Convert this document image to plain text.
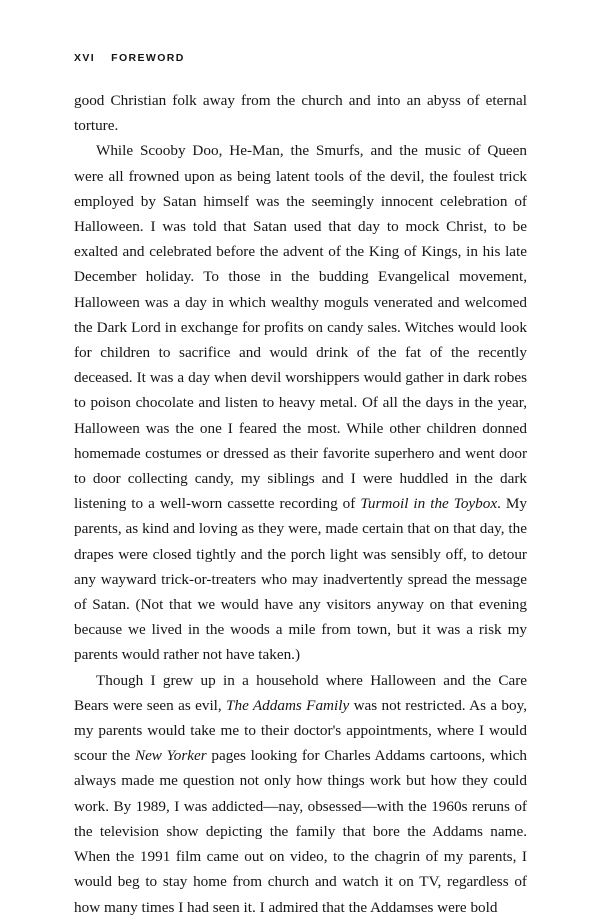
XVI FOREWORD

good Christian folk away from the church and into an abyss of eternal torture.

While Scooby Doo, He-Man, the Smurfs, and the music of Queen were all frowned upon as being latent tools of the devil, the foulest trick employed by Satan himself was the seemingly innocent celebration of Halloween. I was told that Satan used that day to mock Christ, to be exalted and celebrated before the advent of the King of Kings, in his late December holiday. To those in the budding Evangelical movement, Halloween was a day in which wealthy moguls venerated and welcomed the Dark Lord in exchange for profits on candy sales. Witches would look for children to sacrifice and would drink of the fat of the recently deceased. It was a day when devil worshippers would gather in dark robes to poison chocolate and listen to heavy metal. Of all the days in the year, Halloween was the one I feared the most. While other children donned homemade costumes or dressed as their favorite superhero and went door to door collecting candy, my siblings and I were huddled in the dark listening to a well-worn cassette recording of Turmoil in the Toybox. My parents, as kind and loving as they were, made certain that on that day, the drapes were closed tightly and the porch light was sensibly off, to detour any wayward trick-or-treaters who may inadvertently spread the message of Satan. (Not that we would have any visitors anyway on that evening because we lived in the woods a mile from town, but it was a risk my parents would rather not have taken.)

Though I grew up in a household where Halloween and the Care Bears were seen as evil, The Addams Family was not restricted. As a boy, my parents would take me to their doctor's appointments, where I would scour the New Yorker pages looking for Charles Addams cartoons, which always made me question not only how things work but how they could work. By 1989, I was addicted—nay, obsessed—with the 1960s reruns of the television show depicting the family that bore the Addams name. When the 1991 film came out on video, to the chagrin of my parents, I would beg to stay home from church and watch it on TV, regardless of how many times I had seen it. I admired that the Addamses were bold
